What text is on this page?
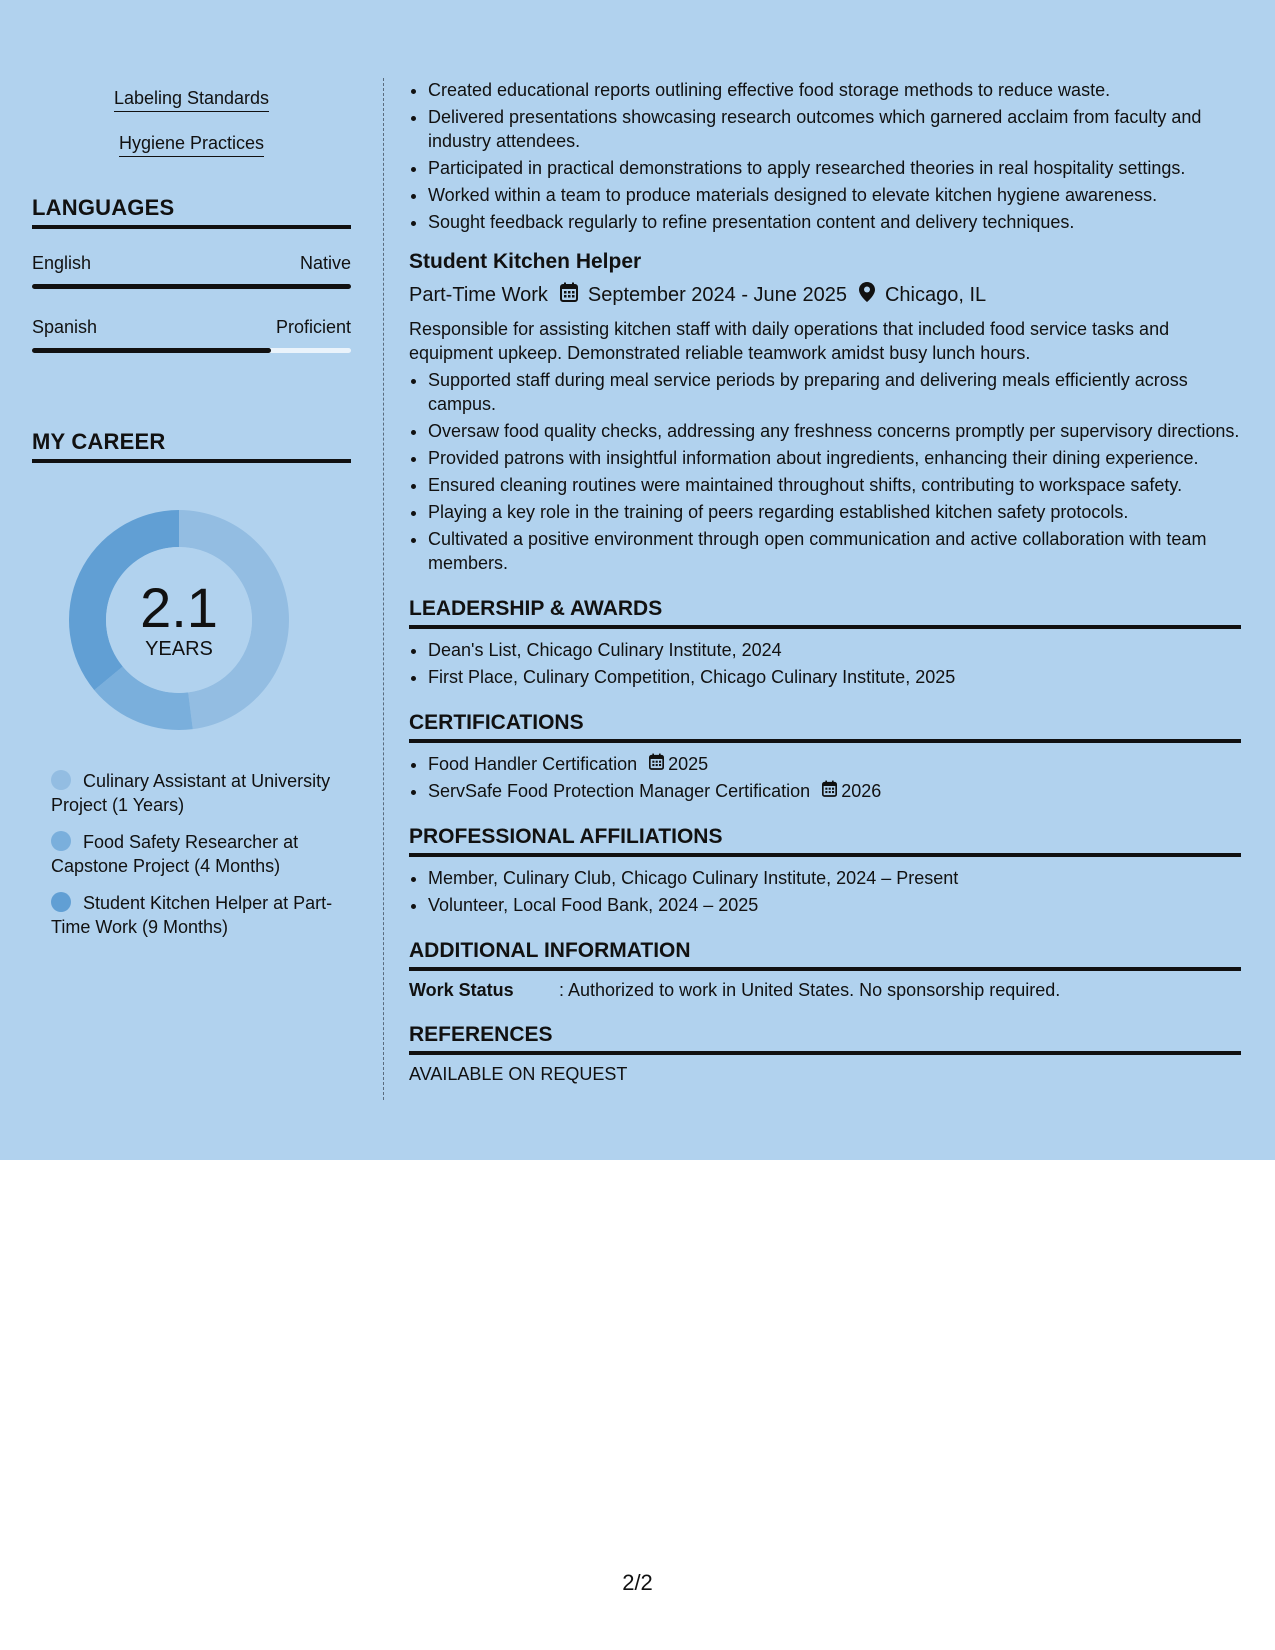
Labeling Standards
Hygiene Practices
LANGUAGES
English	Native
Spanish	Proficient
MY CAREER
2.1
YEARS
Culinary Assistant at University Project (1 Years)
Food Safety Researcher at Capstone Project (4 Months)
Student Kitchen Helper at Part-Time Work (9 Months)
• Created educational reports outlining effective food storage methods to reduce waste.
• Delivered presentations showcasing research outcomes which garnered acclaim from faculty and industry attendees.
• Participated in practical demonstrations to apply researched theories in real hospitality settings.
• Worked within a team to produce materials designed to elevate kitchen hygiene awareness.
• Sought feedback regularly to refine presentation content and delivery techniques.
Student Kitchen Helper
Part-Time Work September 2024 - June 2025 Chicago, IL
Responsible for assisting kitchen staff with daily operations that included food service tasks and equipment upkeep. Demonstrated reliable teamwork amidst busy lunch hours.
• Supported staff during meal service periods by preparing and delivering meals efficiently across campus.
• Oversaw food quality checks, addressing any freshness concerns promptly per supervisory directions.
• Provided patrons with insightful information about ingredients, enhancing their dining experience.
• Ensured cleaning routines were maintained throughout shifts, contributing to workspace safety.
• Playing a key role in the training of peers regarding established kitchen safety protocols.
• Cultivated a positive environment through open communication and active collaboration with team members.
LEADERSHIP & AWARDS
• Dean's List, Chicago Culinary Institute, 2024
• First Place, Culinary Competition, Chicago Culinary Institute, 2025
CERTIFICATIONS
• Food Handler Certification 2025
• ServSafe Food Protection Manager Certification 2026
PROFESSIONAL AFFILIATIONS
• Member, Culinary Club, Chicago Culinary Institute, 2024 – Present
• Volunteer, Local Food Bank, 2024 – 2025
ADDITIONAL INFORMATION
Work Status	: Authorized to work in United States. No sponsorship required.
REFERENCES
AVAILABLE ON REQUEST
2/2
